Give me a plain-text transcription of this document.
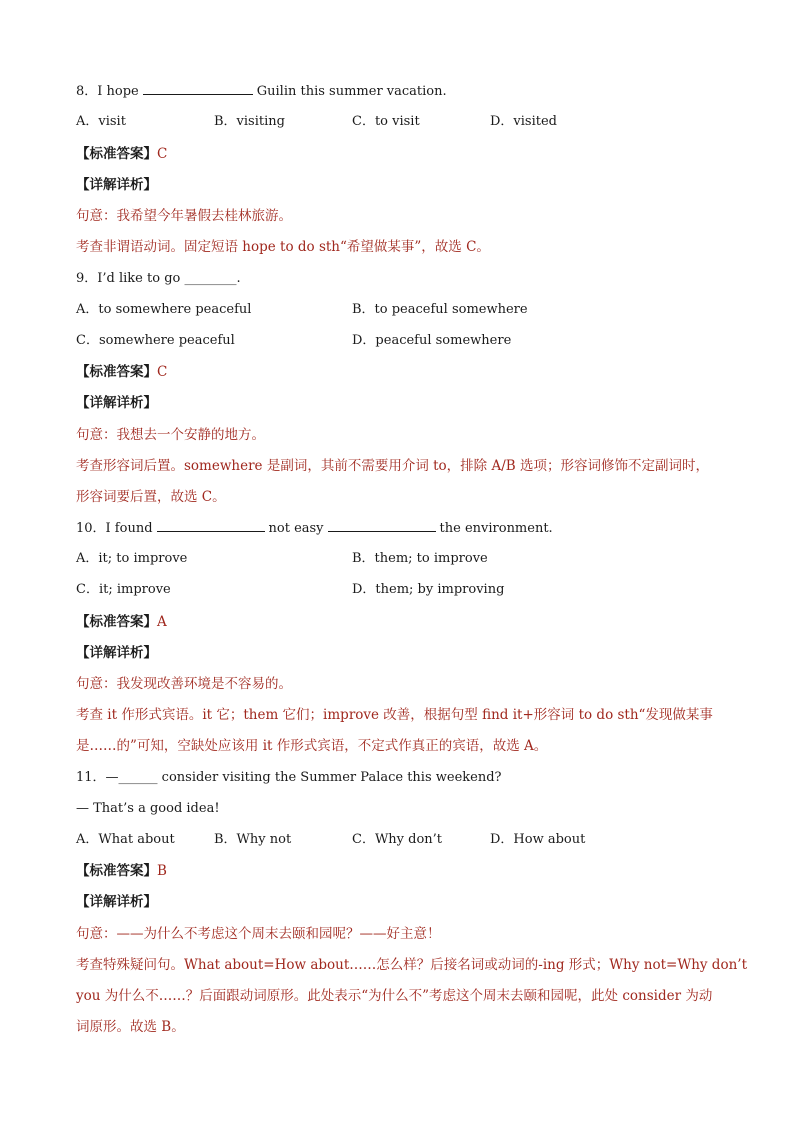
8．I hope	Guilin this summer vacation.
A．visit	B．visiting	C．to visit	D．visited
【标准答案】C
【详解详析】
句意：我希望今年暑假去桂林旅游。
考查非谓语动词。固定短语 hope to do sth“希望做某事”，故选 C。
9．I’d like to go ________.
A．to somewhere peaceful	B．to peaceful somewhere
C．somewhere peaceful	D．peaceful somewhere
【标准答案】C
【详解详析】
句意：我想去一个安静的地方。
考查形容词后置。somewhere 是副词，其前不需要用介词 to，排除 A/B 选项；形容词修饰不定副词时，
形容词要后置，故选 C。
10．I found	not easy	the environment.
A．it; to improve	B．them; to improve
C．it; improve	D．them; by improving
【标准答案】A
【详解详析】
句意：我发现改善环境是不容易的。
考查 it 作形式宾语。it 它；them 它们；improve 改善，根据句型 find it+形容词 to do sth“发现做某事
是……的”可知，空缺处应该用 it 作形式宾语，不定式作真正的宾语，故选 A。
11．—______ consider visiting the Summer Palace this weekend?
— That’s a good idea!
A．What about	B．Why not	C．Why don’t	D．How about
【标准答案】B
【详解详析】
句意：——为什么不考虑这个周末去颐和园呢？——好主意！
考查特殊疑问句。What about=How about……怎么样？后接名词或动词的-ing 形式；Why not=Why don’t
you 为什么不……？后面跟动词原形。此处表示“为什么不”考虑这个周末去颐和园呢，此处 consider 为动
词原形。故选 B。
